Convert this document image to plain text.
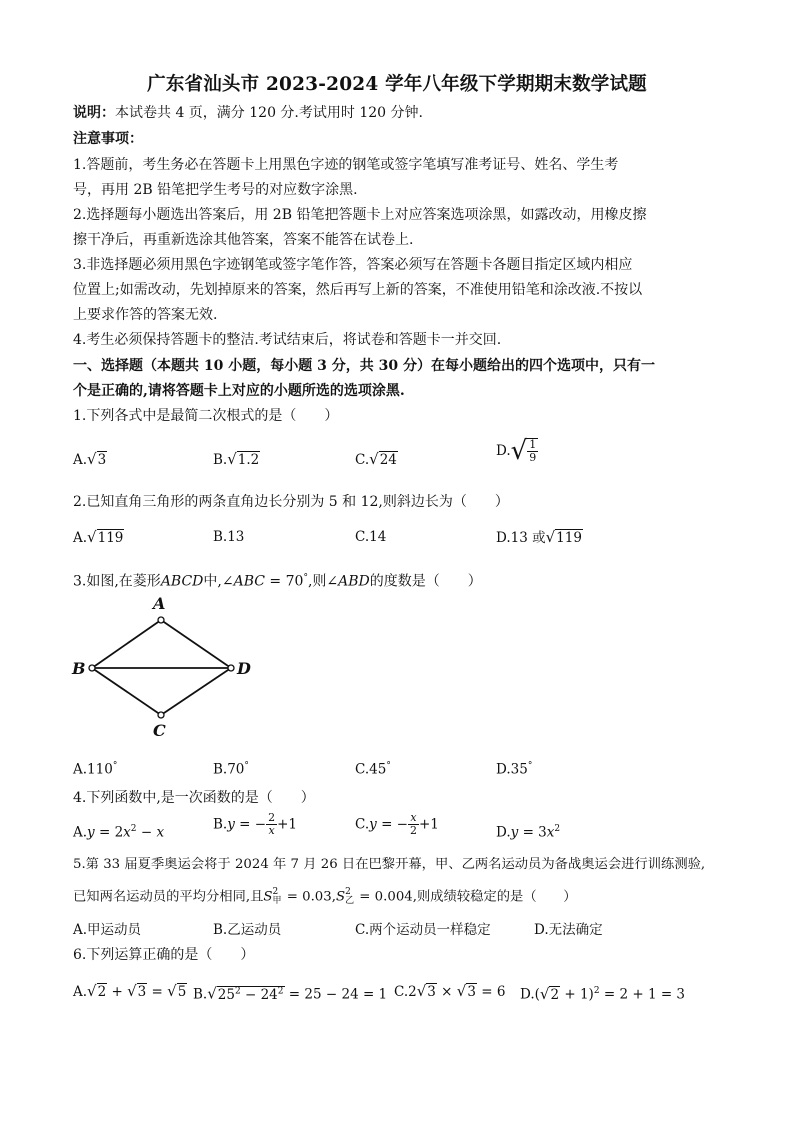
广东省汕头市 2023-2024 学年八年级下学期期末数学试题
说明：本试卷共 4 页，满分 120 分.考试用时 120 分钟.
注意事项：
1.答题前，考生务必在答题卡上用黑色字迹的钢笔或签字笔填写准考证号、姓名、学生考
号，再用 2B 铅笔把学生考号的对应数字涂黑.
2.选择题每小题选出答案后，用 2B 铅笔把答题卡上对应答案选项涂黑，如露改动，用橡皮擦
擦干净后，再重新选涂其他答案，答案不能答在试卷上.
3.非选择题必须用黑色字迹钢笔或签字笔作答，答案必须写在答题卡各题目指定区域内相应
位置上;如需改动，先划掉原来的答案，然后再写上新的答案，不准使用铅笔和涂改液.不按以
上要求作答的答案无效.
4.考生必须保持答题卡的整洁.考试结束后，将试卷和答题卡一并交回.
一、选择题（本题共 10 小题，每小题 3 分，共 30 分）在每小题给出的四个选项中，只有一
个是正确的,请将答题卡上对应的小题所选的选项涂黑.
1.下列各式中是最简二次根式的是（　　）
A.√3	B.√1.2	C.√24
$D.√ \frac{1}{9}$
2.已知直角三角形的两条直角边长分别为 5 和 12,则斜边长为（　　）
A.√119	B.13	C.14	D.13 或√119
3.如图,在菱形ABCD中,∠ABC = 70°,则∠ABD的度数是（　　）
A
B	D
C
A.110°	B.70°	C.45°	D.35°
4.下列函数中,是一次函数的是（　　）
$A.y = 2x^2 - x$	B.y = − $\frac{2}{x} +1$	C.y = − $\frac{x}{2} +1$	$D.y = 3x^2$
5.第 33 届夏季奥运会将于 2024 年 7 月 26 日在巴黎开幕，甲、乙两名运动员为备战奥运会进行训练测验,
已知两名运动员的平均分相同,且S 2
甲 = 0.03,S 2
乙 = 0.004,则成绩较稳定的是（　　）
A.甲运动员	B.乙运动员	C.两个运动员一样稳定	D.无法确定
6.下列运算正确的是（　　）
A.√2 + √3 = √5 $B.√25^2 - 24^2 = 25 - 24 = 1$ C.2√3 × √3 = 6 $D.(√2 + 1)^2 = 2 + 1 = 3$
